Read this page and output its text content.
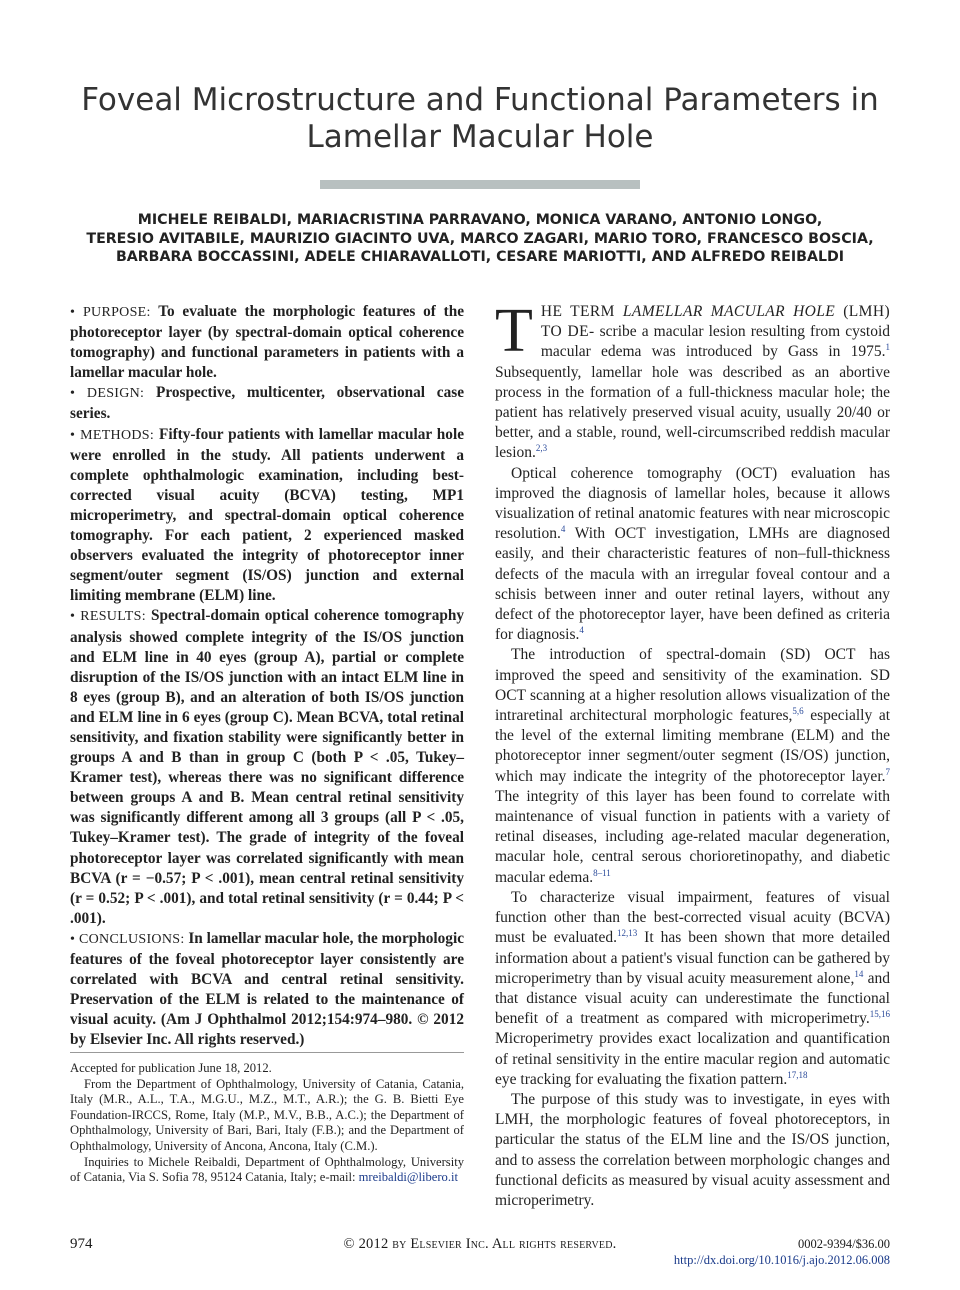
Foveal Microstructure and Functional Parameters in
Lamellar Macular Hole
MICHELE REIBALDI, MARIACRISTINA PARRAVANO, MONICA VARANO, ANTONIO LONGO,
TERESIO AVITABILE, MAURIZIO GIACINTO UVA, MARCO ZAGARI, MARIO TORO, FRANCESCO BOSCIA,
BARBARA BOCCASSINI, ADELE CHIARAVALLOTI, CESARE MARIOTTI, AND ALFREDO REIBALDI

• PURPOSE: To evaluate the morphologic features of the photoreceptor layer (by spectral-domain optical coherence tomography) and functional parameters in patients with a lamellar macular hole.

• DESIGN: Prospective, multicenter, observational case series.

• METHODS: Fifty-four patients with lamellar macular hole were enrolled in the study. All patients underwent a complete ophthalmologic examination, including best-corrected visual acuity (BCVA) testing, MP1 microperimetry, and spectral-domain optical coherence tomography. For each patient, 2 experienced masked observers evaluated the integrity of photoreceptor inner segment/outer segment (IS/OS) junction and external limiting membrane (ELM) line.

• RESULTS: Spectral-domain optical coherence tomography analysis showed complete integrity of the IS/OS junction and ELM line in 40 eyes (group A), partial or complete disruption of the IS/OS junction with an intact ELM line in 8 eyes (group B), and an alteration of both IS/OS junction and ELM line in 6 eyes (group C). Mean BCVA, total retinal sensitivity, and fixation stability were significantly better in groups A and B than in group C (both P < .05, Tukey–Kramer test), whereas there was no significant difference between groups A and B. Mean central retinal sensitivity was significantly different among all 3 groups (all P < .05, Tukey–Kramer test). The grade of integrity of the foveal photoreceptor layer was correlated significantly with mean BCVA (r = −0.57; P < .001), mean central retinal sensitivity (r = 0.52; P < .001), and total retinal sensitivity (r = 0.44; P < .001).

• CONCLUSIONS: In lamellar macular hole, the morphologic features of the foveal photoreceptor layer consistently are correlated with BCVA and central retinal sensitivity. Preservation of the ELM is related to the maintenance of visual acuity. (Am J Ophthalmol 2012;154:974–980. © 2012 by Elsevier Inc. All rights reserved.)

Accepted for publication June 18, 2012.

From the Department of Ophthalmology, University of Catania, Catania, Italy (M.R., A.L., T.A., M.G.U., M.Z., M.T., A.R.); the G. B. Bietti Eye Foundation-IRCCS, Rome, Italy (M.P., M.V., B.B., A.C.); the Department of Ophthalmology, University of Bari, Bari, Italy (F.B.); and the Department of Ophthalmology, University of Ancona, Ancona, Italy (C.M.).

Inquiries to Michele Reibaldi, Department of Ophthalmology, University of Catania, Via S. Sofia 78, 95124 Catania, Italy; e-mail: mreibaldi@libero.it

THE TERM LAMELLAR MACULAR HOLE (LMH) TO DE- scribe a macular lesion resulting from cystoid macular edema was introduced by Gass in 1975.$^1$ Subsequently, lamellar hole was described as an abortive process in the formation of a full-thickness macular hole; the patient has relatively preserved visual acuity, usually 20/40 or better, and a stable, round, well-circumscribed reddish macular lesion.$^{2,3}$

Optical coherence tomography (OCT) evaluation has improved the diagnosis of lamellar holes, because it allows visualization of retinal anatomic features with near microscopic resolution.$^4$ With OCT investigation, LMHs are diagnosed easily, and their characteristic features of non–full-thickness defects of the macula with an irregular foveal contour and a schisis between inner and outer retinal layers, without any defect of the photoreceptor layer, have been defined as criteria for diagnosis.$^4$

The introduction of spectral-domain (SD) OCT has improved the speed and sensitivity of the examination. SD OCT scanning at a higher resolution allows visualization of the intraretinal architectural morphologic features,$^{5,6}$ especially at the level of the external limiting membrane (ELM) and the photoreceptor inner segment/outer segment (IS/OS) junction, which may indicate the integrity of the photoreceptor layer.$^7$ The integrity of this layer has been found to correlate with maintenance of visual function in patients with a variety of retinal diseases, including age-related macular degeneration, macular hole, central serous chorioretinopathy, and diabetic macular edema.$^{8-11}$

To characterize visual impairment, features of visual function other than the best-corrected visual acuity (BCVA) must be evaluated.$^{12,13}$ It has been shown that more detailed information about a patient's visual function can be gathered by microperimetry than by visual acuity measurement alone,$^{14}$ and that distance visual acuity can underestimate the functional benefit of a treatment as compared with microperimetry.$^{15,16}$ Microperimetry provides exact localization and quantification of retinal sensitivity in the entire macular region and automatic eye tracking for evaluating the fixation pattern.$^{17,18}$

The purpose of this study was to investigate, in eyes with LMH, the morphologic features of foveal photoreceptors, in particular the status of the ELM line and the IS/OS junction, and to assess the correlation between morphologic changes and functional deficits as measured by visual acuity assessment and microperimetry.

974	© 2012 by Elsevier Inc. All rights reserved.	0002-9394/$36.00
http://dx.doi.org/10.1016/j.ajo.2012.06.008
